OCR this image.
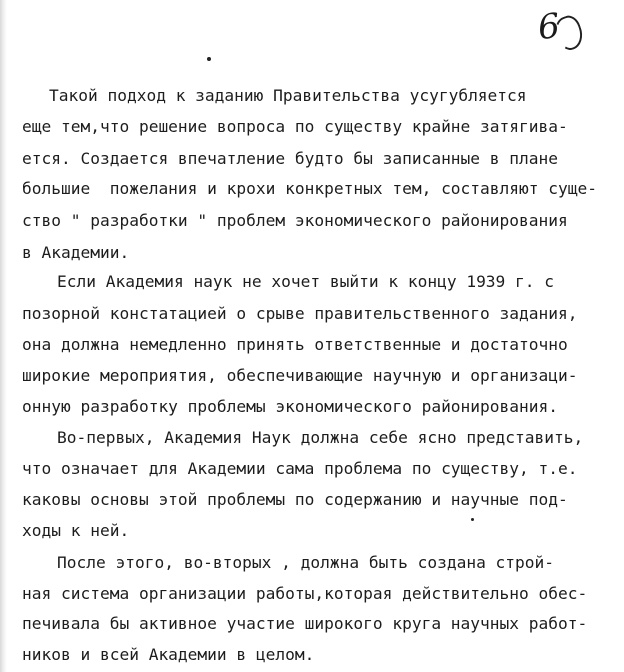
6
Такой подход к заданию Правительства усугубляется
еще тем,что решение вопроса по существу крайне затягива-
ется. Создается впечатление будто бы записанные в плане
большие  пожелания и крохи конкретных тем, составляют суще-
ство " разработки " проблем экономического районирования
в Академии.
Если Академия наук не хочет выйти к концу 1939 г. с
позорной констатацией о срыве правительственного задания,
она должна немедленно принять ответственные и достаточно
широкие мероприятия, обеспечивающие научную и организаци-
онную разработку проблемы экономического районирования.
Во-первых, Академия Наук должна себе ясно представить,
что означает для Академии сама проблема по существу, т.е.
каковы основы этой проблемы по содержанию и научные под-
ходы к ней.
После этого, во-вторых , должна быть создана строй-
ная система организации работы,которая действительно обес-
печивала бы активное участие широкого круга научных работ-
ников и всей Академии в целом.
